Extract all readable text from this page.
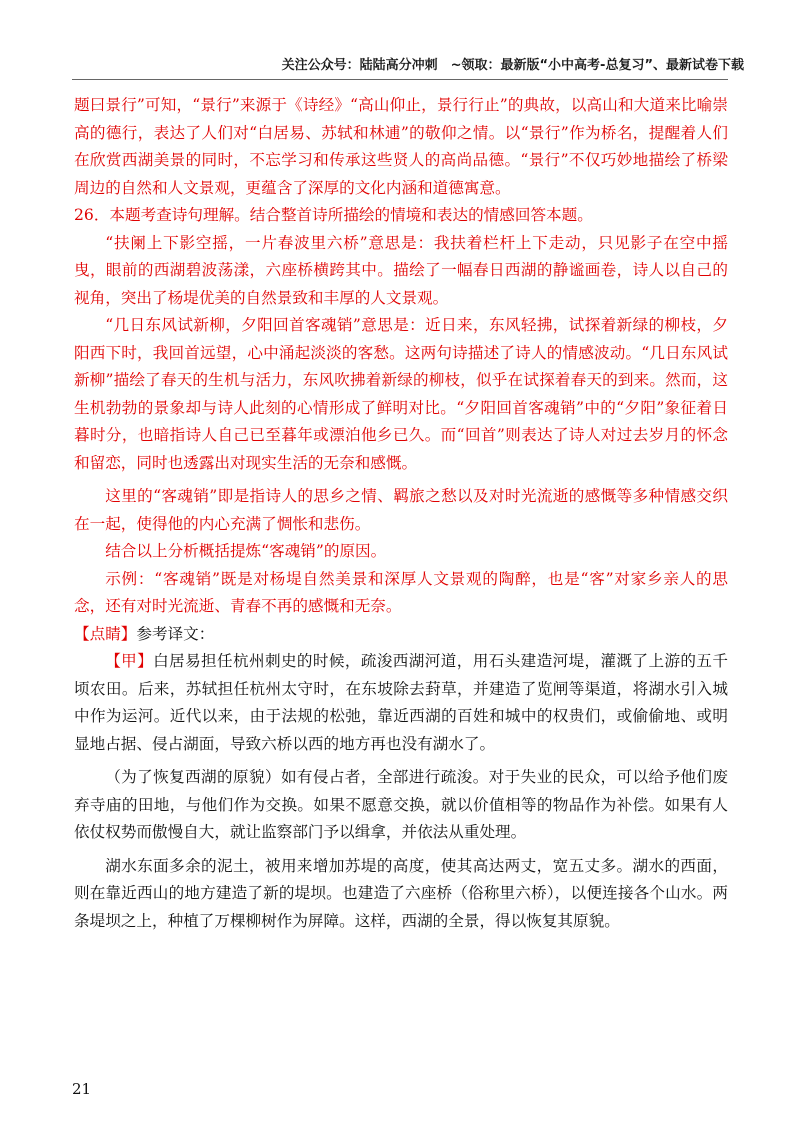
关注公众号：陆陆高分冲刺　~领取：最新版“小中高考-总复习”、最新试卷下载

题曰景行”可知，“景行”来源于《诗经》“高山仰止，景行行止”的典故，以高山和大道来比喻崇高的德行，表达了人们对“白居易、苏轼和林逋”的敬仰之情。以“景行”作为桥名，提醒着人们在欣赏西湖美景的同时，不忘学习和传承这些贤人的高尚品德。“景行”不仅巧妙地描绘了桥梁周边的自然和人文景观，更蕴含了深厚的文化内涵和道德寓意。

26．本题考查诗句理解。结合整首诗所描绘的情境和表达的情感回答本题。

“扶阑上下影空摇，一片春波里六桥”意思是：我扶着栏杆上下走动，只见影子在空中摇曳，眼前的西湖碧波荡漾，六座桥横跨其中。描绘了一幅春日西湖的静谧画卷，诗人以自己的视角，突出了杨堤优美的自然景致和丰厚的人文景观。

“几日东风试新柳，夕阳回首客魂销”意思是：近日来，东风轻拂，试探着新绿的柳枝，夕阳西下时，我回首远望，心中涌起淡淡的客愁。这两句诗描述了诗人的情感波动。“几日东风试新柳”描绘了春天的生机与活力，东风吹拂着新绿的柳枝，似乎在试探着春天的到来。然而，这生机勃勃的景象却与诗人此刻的心情形成了鲜明对比。“夕阳回首客魂销”中的“夕阳”象征着日暮时分，也暗指诗人自己已至暮年或漂泊他乡已久。而“回首”则表达了诗人对过去岁月的怀念和留恋，同时也透露出对现实生活的无奈和感慨。

这里的“客魂销”即是指诗人的思乡之情、羁旅之愁以及对时光流逝的感慨等多种情感交织在一起，使得他的内心充满了惆怅和悲伤。

结合以上分析概括提炼“客魂销”的原因。

示例：“客魂销”既是对杨堤自然美景和深厚人文景观的陶醉，也是“客”对家乡亲人的思念，还有对时光流逝、青春不再的感慨和无奈。

【点睛】参考译文：

【甲】白居易担任杭州刺史的时候，疏浚西湖河道，用石头建造河堤，灌溉了上游的五千顷农田。后来，苏轼担任杭州太守时，在东坡除去葑草，并建造了览闸等渠道，将湖水引入城中作为运河。近代以来，由于法规的松弛，靠近西湖的百姓和城中的权贵们，或偷偷地、或明显地占据、侵占湖面，导致六桥以西的地方再也没有湖水了。

（为了恢复西湖的原貌）如有侵占者，全部进行疏浚。对于失业的民众，可以给予他们废弃寺庙的田地，与他们作为交换。如果不愿意交换，就以价值相等的物品作为补偿。如果有人依仗权势而傲慢自大，就让监察部门予以缉拿，并依法从重处理。

湖水东面多余的泥土，被用来增加苏堤的高度，使其高达两丈，宽五丈多。湖水的西面，则在靠近西山的地方建造了新的堤坝。也建造了六座桥（俗称里六桥），以便连接各个山水。两条堤坝之上，种植了万棵柳树作为屏障。这样，西湖的全景，得以恢复其原貌。

21
